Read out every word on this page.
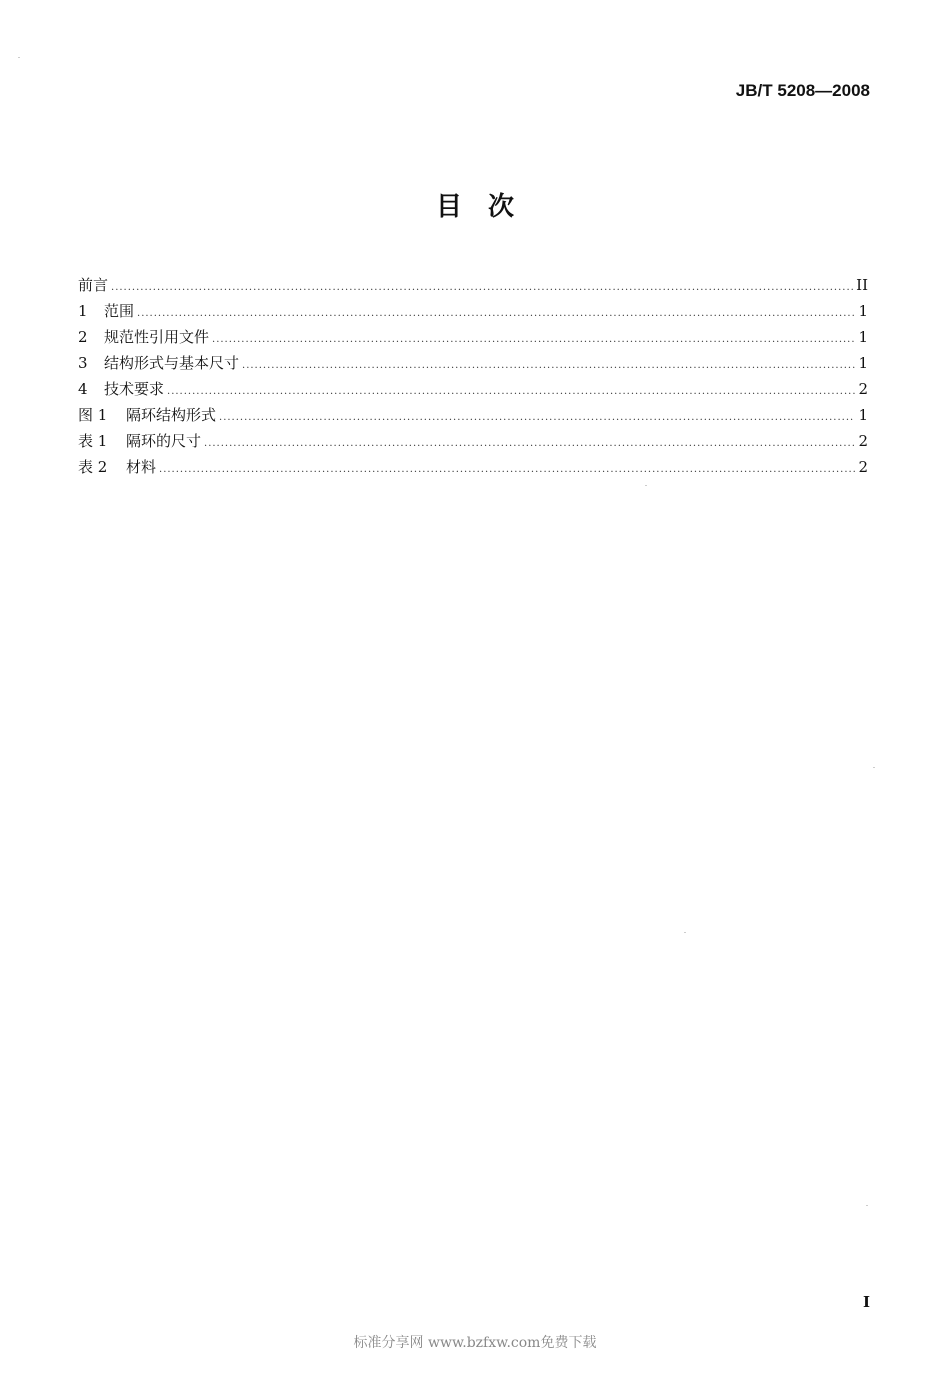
JB/T 5208—2008
目　次
前言 .....	II
1	范围 .....	1
2	规范性引用文件 .....	1
3	结构形式与基本尺寸 .....	1
4	技术要求 .....	2
图 1	隔环结构形式 .....	1
表 1	隔环的尺寸 .....	2
表 2	材料 .....	2
I
标准分享网 www.bzfxw.com免费下载
